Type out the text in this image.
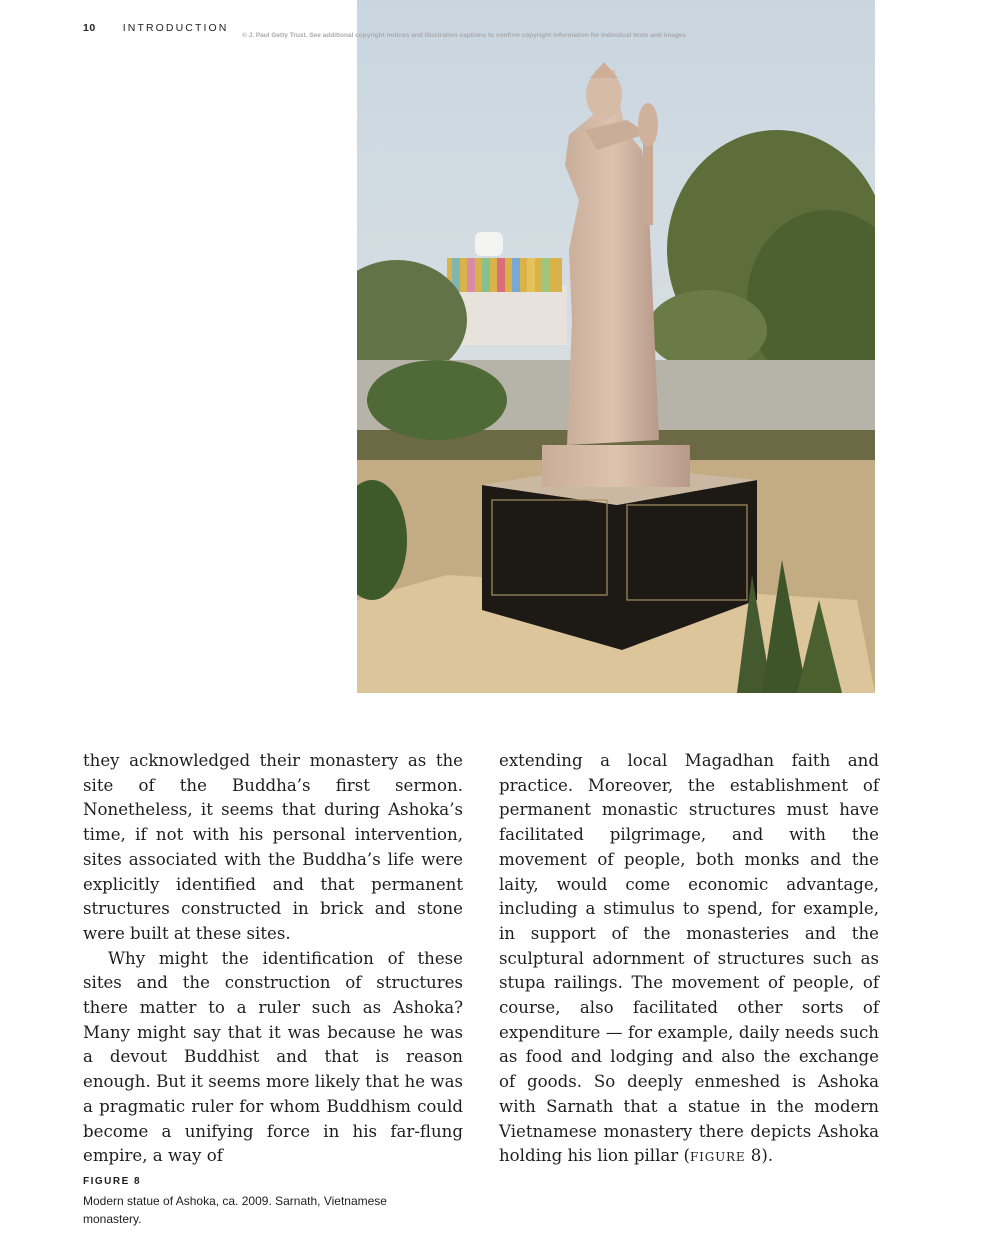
10	INTRODUCTION
© J. Paul Getty Trust. See additional copyright notices and illustration captions to confirm copyright information for individual texts and images

they acknowledged their monastery as the site of the Buddha’s first sermon. Nonetheless, it seems that during Ashoka’s time, if not with his personal intervention, sites associated with the Buddha’s life were explicitly identified and that permanent structures constructed in brick and stone were built at these sites.

Why might the identification of these sites and the construction of structures there matter to a ruler such as Ashoka? Many might say that it was because he was a devout Buddhist and that is reason enough. But it seems more likely that he was a pragmatic ruler for whom Buddhism could become a unifying force in his far-flung empire, a way of

extending a local Magadhan faith and practice. Moreover, the establishment of permanent monastic structures must have facilitated pilgrimage, and with the movement of people, both monks and the laity, would come economic advantage, including a stimulus to spend, for example, in support of the monasteries and the sculptural adornment of structures such as stupa railings. The movement of people, of course, also facilitated other sorts of expenditure — for example, daily needs such as food and lodging and also the exchange of goods. So deeply enmeshed is Ashoka with Sarnath that a statue in the modern Vietnamese monastery there depicts Ashoka holding his lion pillar (figure 8).

FIGURE 8
Modern statue of Ashoka, ca. 2009. Sarnath, Vietnamese monastery.
